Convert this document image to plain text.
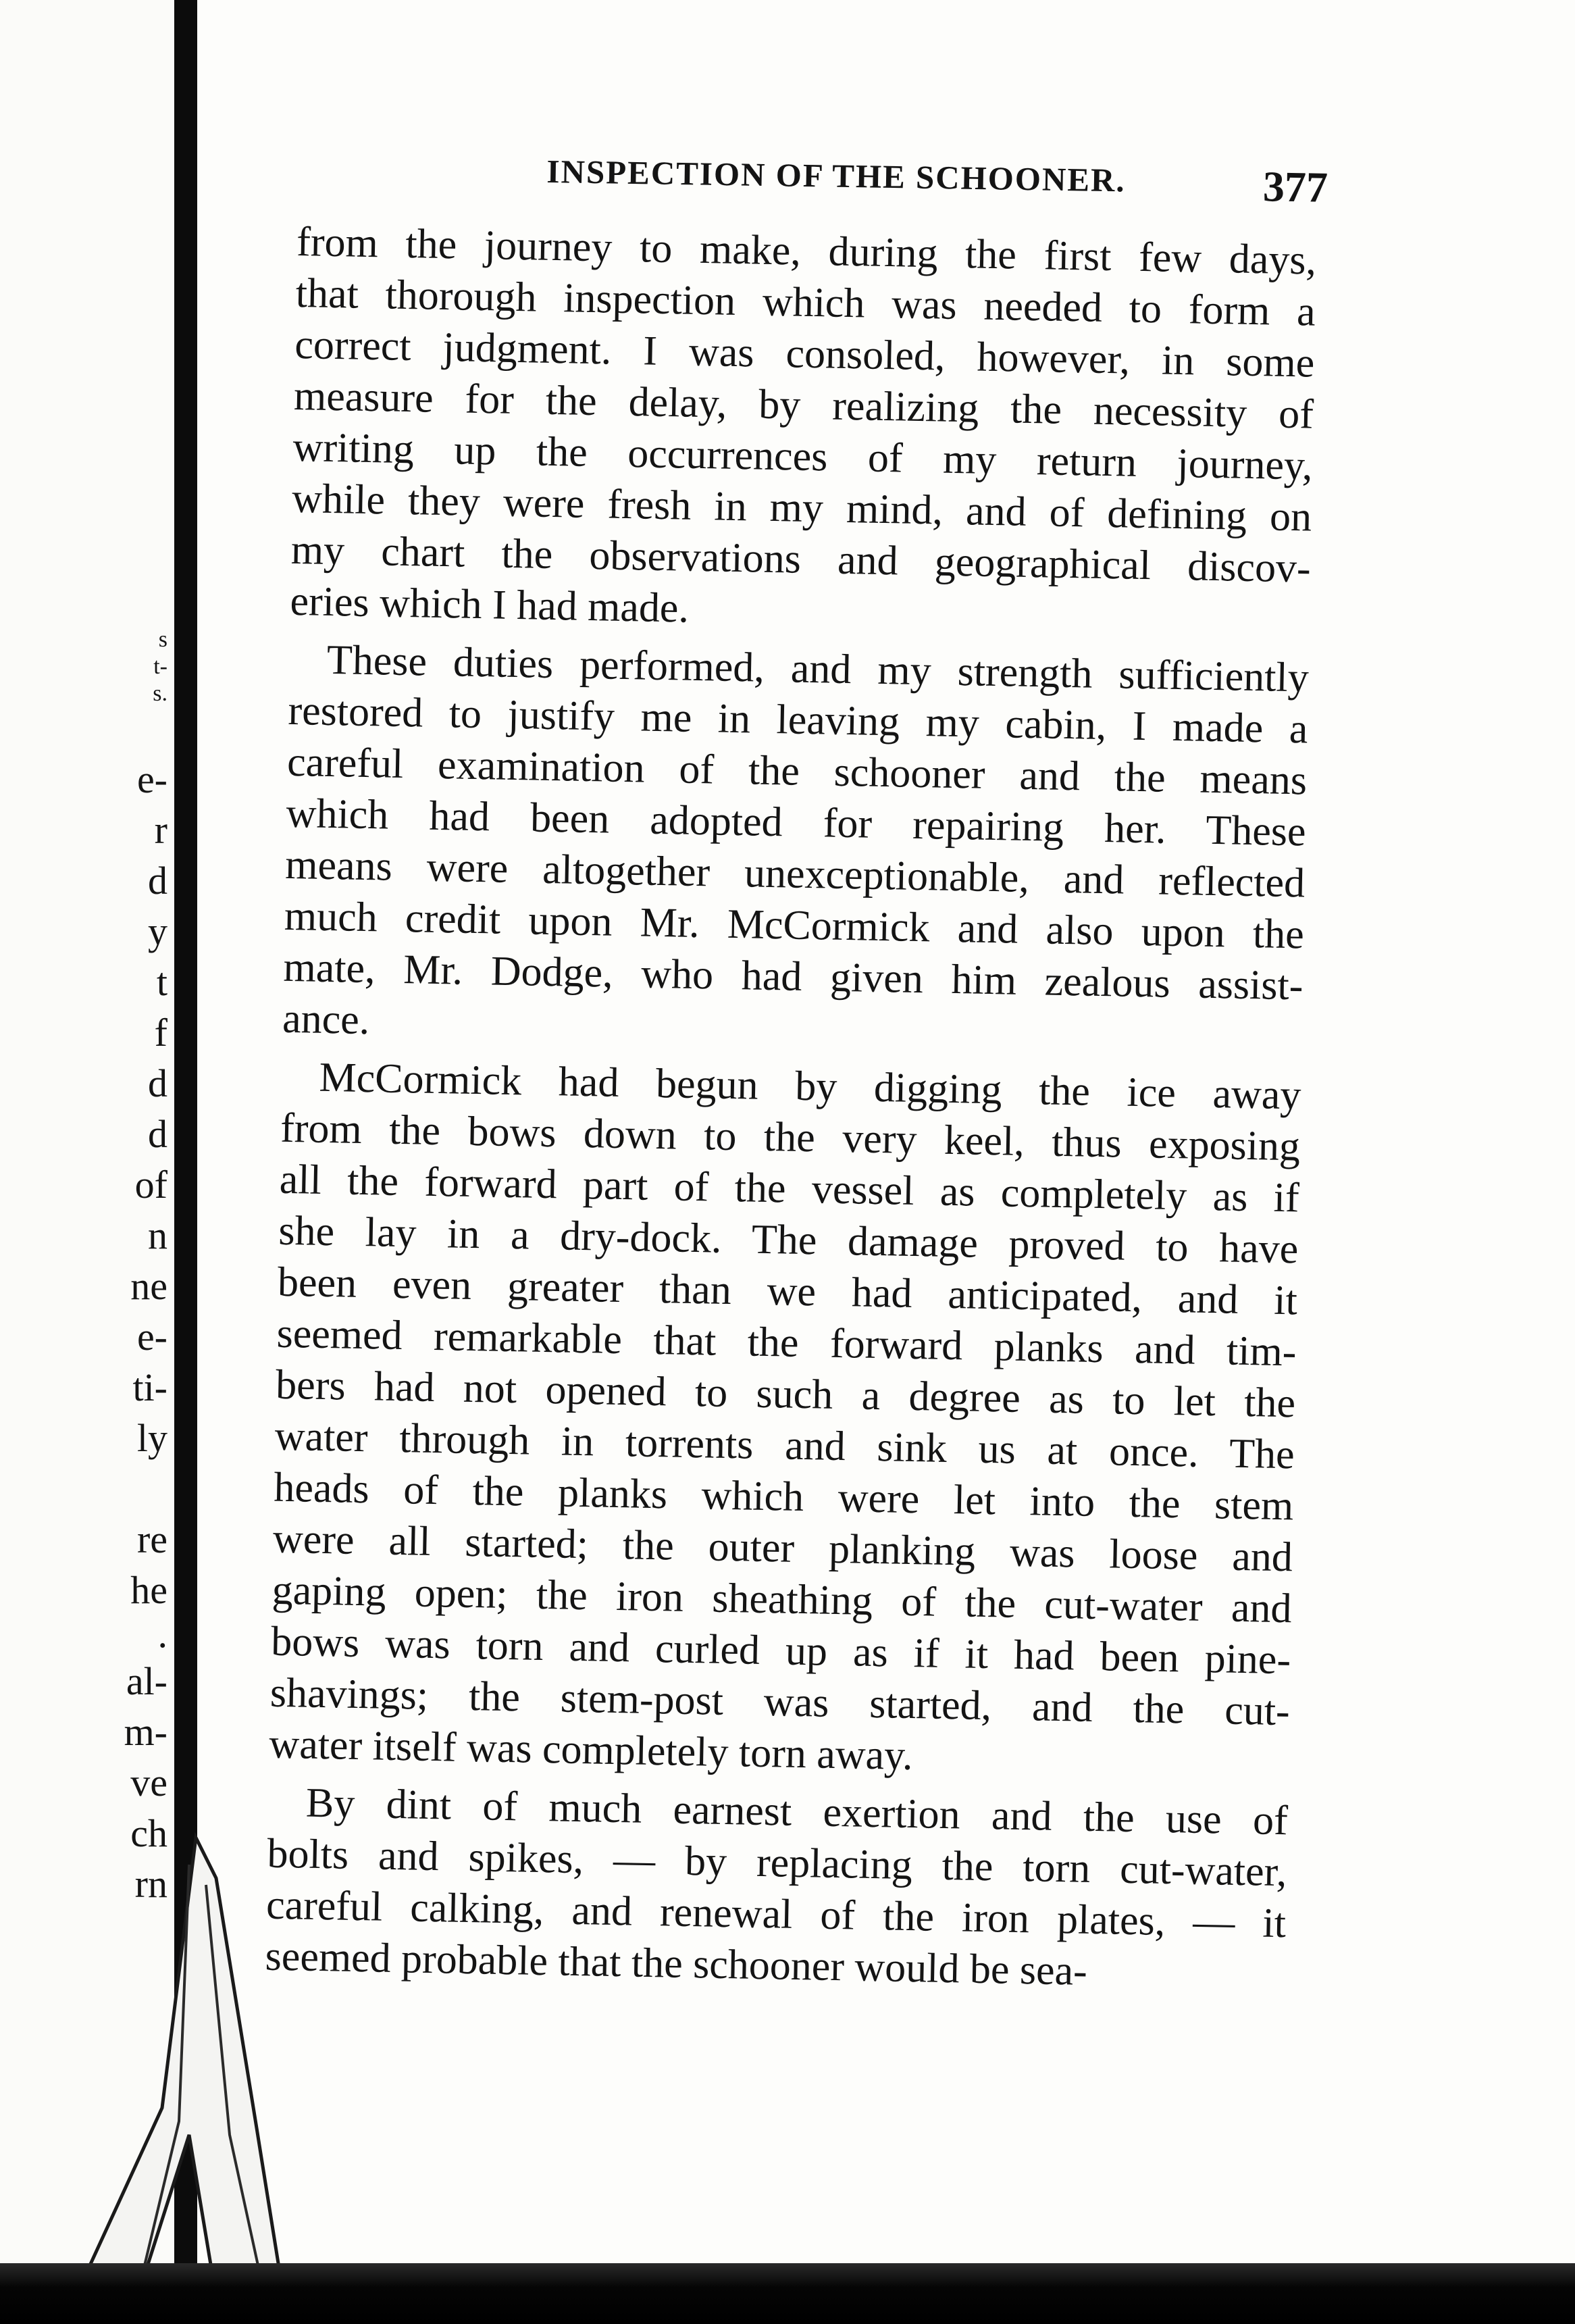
s
t-
s.
e-
r
d
y
t
f
d
d
of
n
ne
e-
ti-
ly
re
he
.
al-
m-
ve
ch
rn
INSPECTION OF THE SCHOONER.	377
from the journey to make, during the first few days,
that thorough inspection which was needed to form a
correct judgment. I was consoled, however, in some
measure for the delay, by realizing the necessity of
writing up the occurrences of my return journey,
while they were fresh in my mind, and of defining on
my chart the observations and geographical discov-
eries which I had made.
These duties performed, and my strength sufficiently
restored to justify me in leaving my cabin, I made a
careful examination of the schooner and the means
which had been adopted for repairing her. These
means were altogether unexceptionable, and reflected
much credit upon Mr. McCormick and also upon the
mate, Mr. Dodge, who had given him zealous assist-
ance.
McCormick had begun by digging the ice away
from the bows down to the very keel, thus exposing
all the forward part of the vessel as completely as if
she lay in a dry-dock. The damage proved to have
been even greater than we had anticipated, and it
seemed remarkable that the forward planks and tim-
bers had not opened to such a degree as to let the
water through in torrents and sink us at once. The
heads of the planks which were let into the stem
were all started; the outer planking was loose and
gaping open; the iron sheathing of the cut-water and
bows was torn and curled up as if it had been pine-
shavings; the stem-post was started, and the cut-
water itself was completely torn away.
By dint of much earnest exertion and the use of
bolts and spikes, — by replacing the torn cut-water,
careful calking, and renewal of the iron plates, — it
seemed probable that the schooner would be sea-
